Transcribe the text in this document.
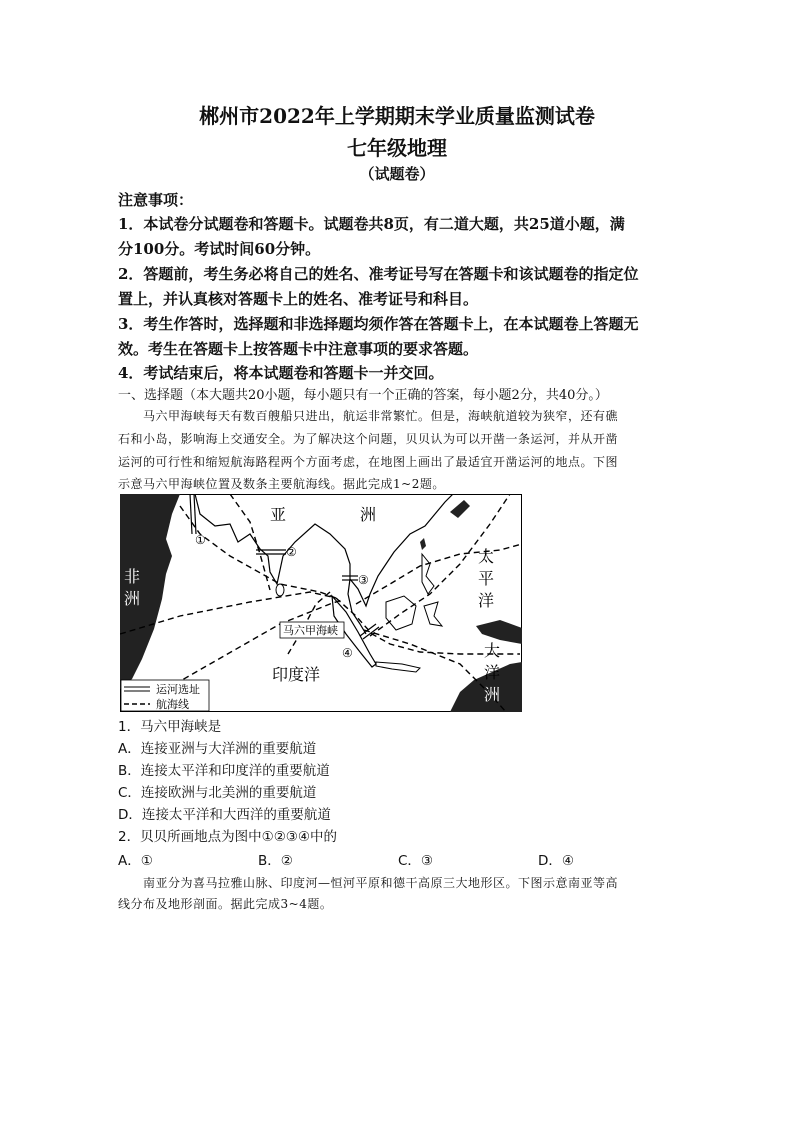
郴州市2022年上学期期末学业质量监测试卷
七年级地理
（试题卷）
注意事项：
1．本试卷分试题卷和答题卡。试题卷共8页，有二道大题，共25道小题，满
分100分。考试时间60分钟。
2．答题前，考生务必将自己的姓名、准考证号写在答题卡和该试题卷的指定位
置上，并认真核对答题卡上的姓名、准考证号和科目。
3．考生作答时，选择题和非选择题均须作答在答题卡上，在本试题卷上答题无
效。考生在答题卡上按答题卡中注意事项的要求答题。
4．考试结束后，将本试题卷和答题卡一并交回。
一、选择题（本大题共20小题，每小题只有一个正确的答案，每小题2分，共40分。）
　　马六甲海峡每天有数百艘船只进出，航运非常繁忙。但是，海峡航道较为狭窄，还有礁
石和小岛，影响海上交通安全。为了解决这个问题，贝贝认为可以开凿一条运河，并从开凿
运河的可行性和缩短航海路程两个方面考虑，在地图上画出了最适宜开凿运河的地点。下图
示意马六甲海峡位置及数条主要航海线。据此完成1~2题。
①
②
③
④
亚	洲
非
洲
太
平
洋
大
洋
洲
印度洋
马六甲海峡
运河选址
航海线
1．马六甲海峡是
A．连接亚洲与大洋洲的重要航道
B．连接太平洋和印度洋的重要航道
C．连接欧洲与北美洲的重要航道
D．连接太平洋和大西洋的重要航道
2．贝贝所画地点为图中①②③④中的
A．①	B．②	C．③	D．④
　　南亚分为喜马拉雅山脉、印度河—恒河平原和德干高原三大地形区。下图示意南亚等高
线分布及地形剖面。据此完成3~4题。
